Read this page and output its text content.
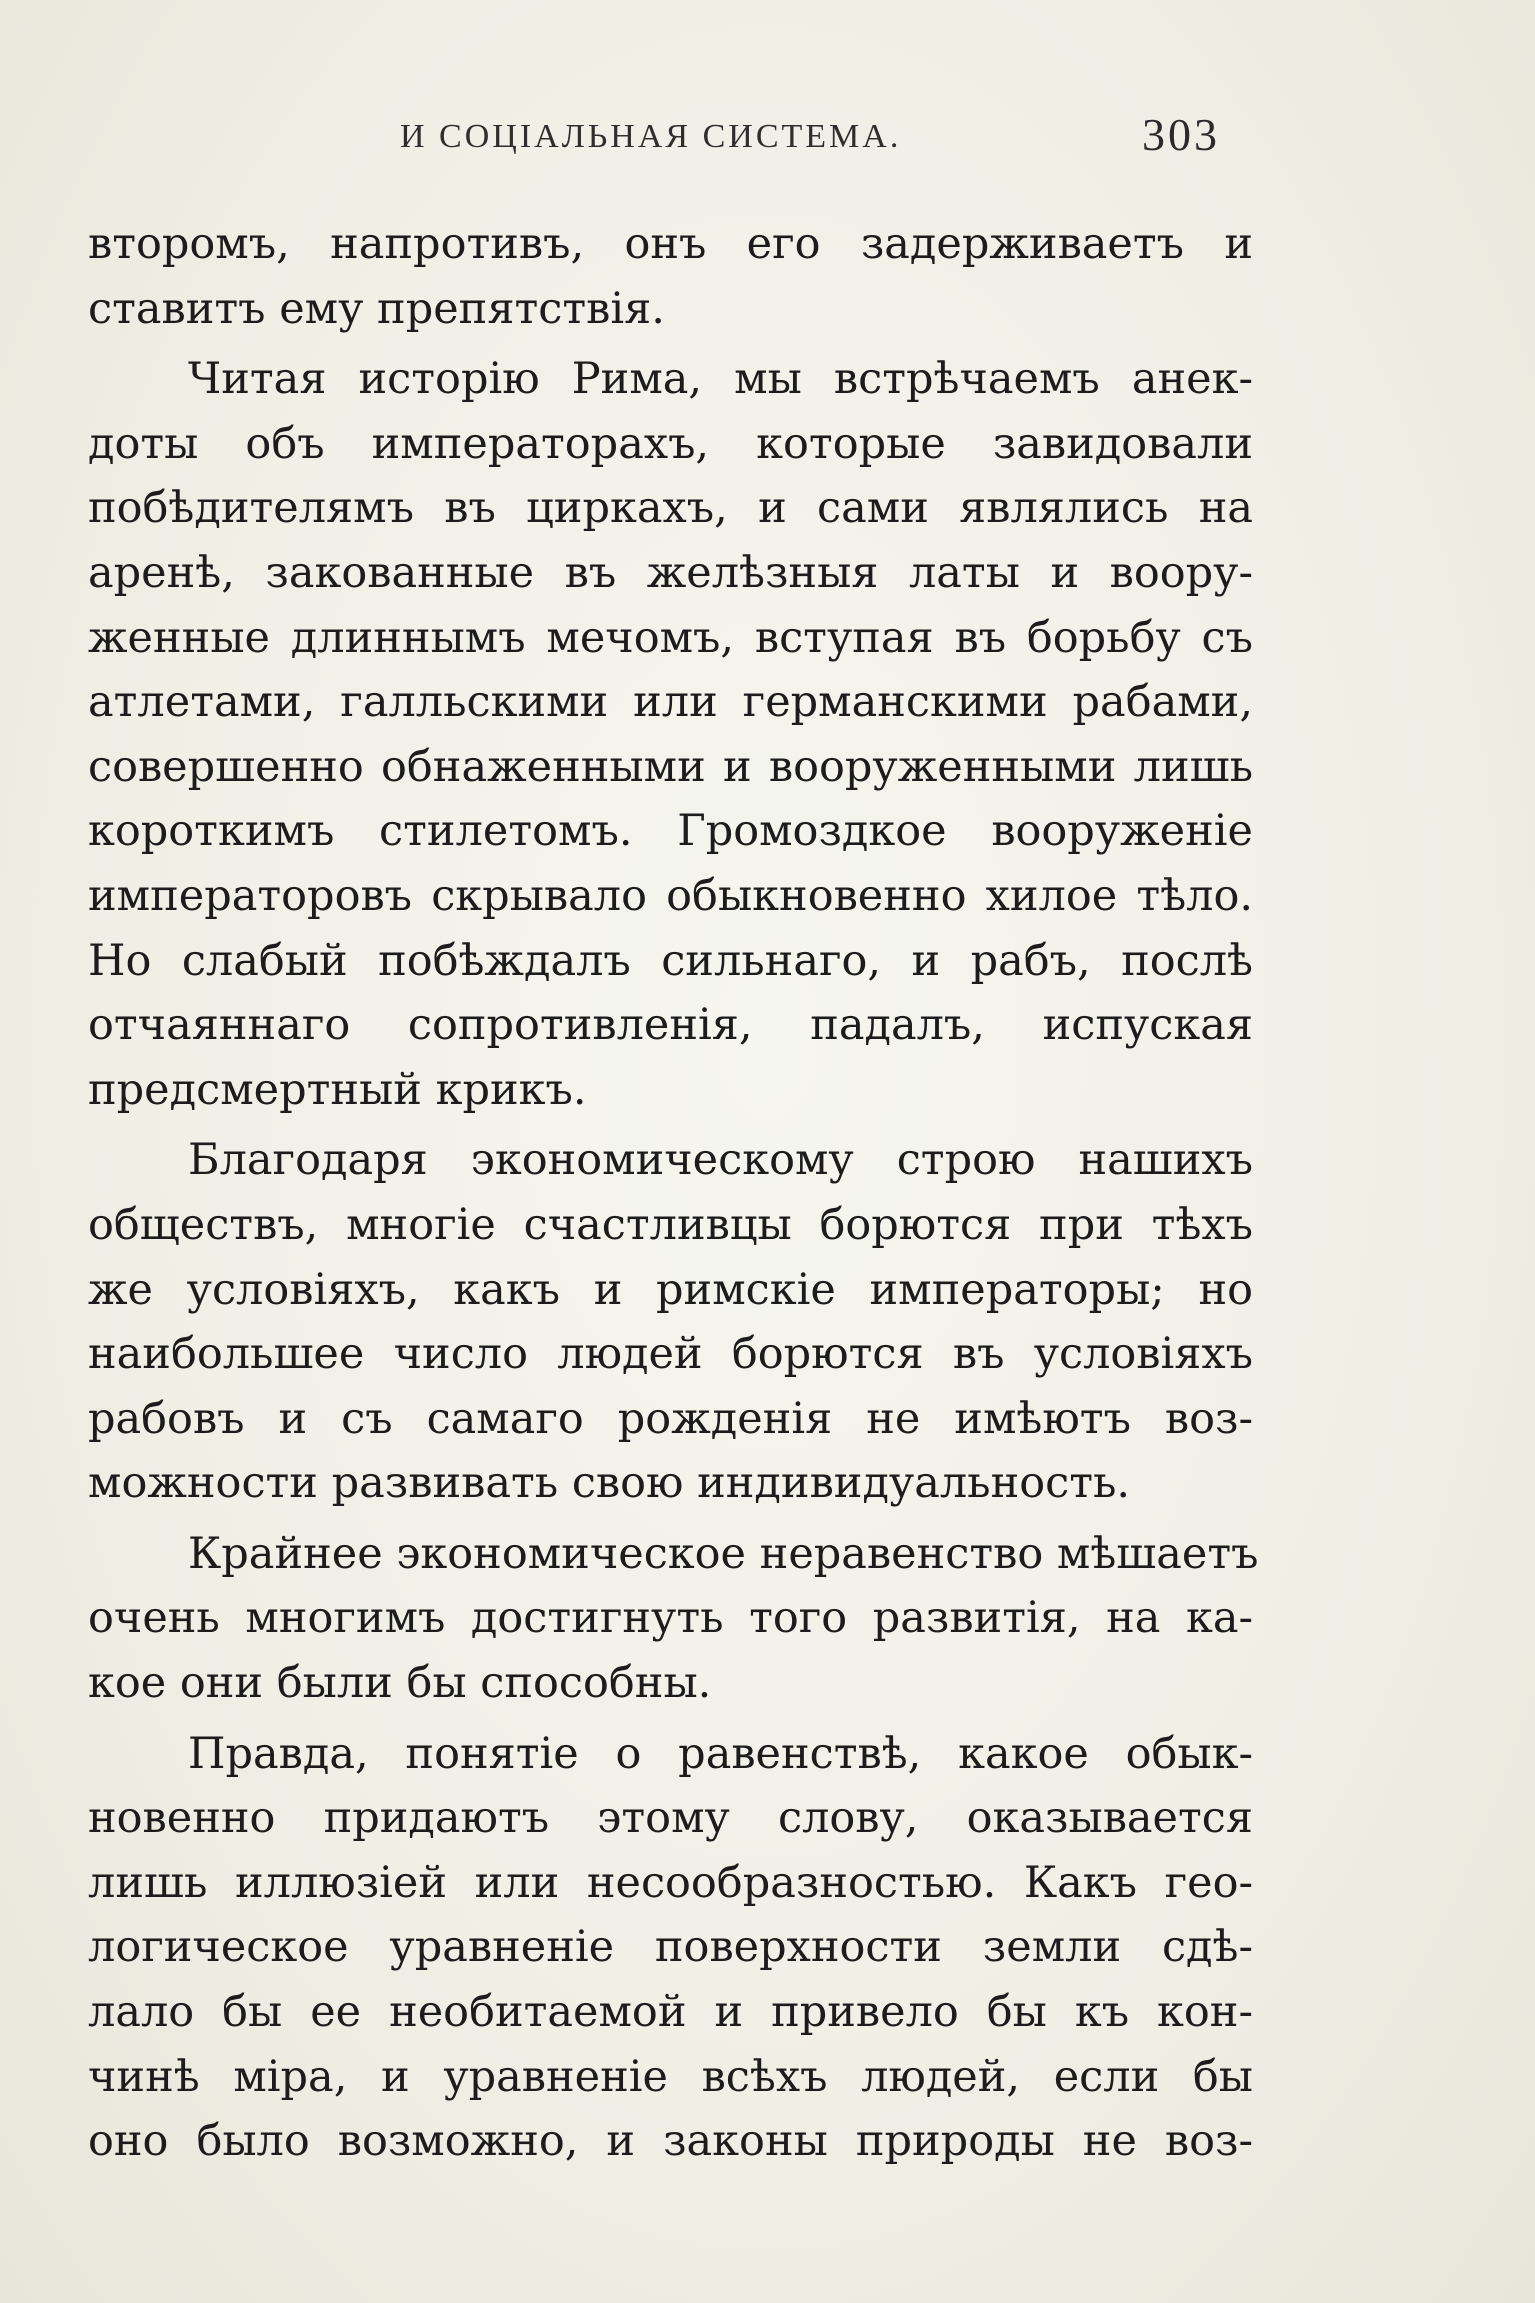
И СОЦІАЛЬНАЯ СИСТЕМА.	303

второмъ, напротивъ, онъ его задерживаетъ и
ставитъ ему препятствія.

Читая исторію Рима, мы встрѣчаемъ анек-
доты объ императорахъ, которые завидовали
побѣдителямъ въ циркахъ, и сами являлись на
аренѣ, закованные въ желѣзныя латы и воору-
женные длиннымъ мечомъ, вступая въ борьбу съ
атлетами, галльскими или германскими рабами,
совершенно обнаженными и вооруженными лишь
короткимъ стилетомъ. Громоздкое вооруженіе
императоровъ скрывало обыкновенно хилое тѣло.
Но слабый побѣждалъ сильнаго, и рабъ, послѣ
отчаяннаго сопротивленія, падалъ, испуская
предсмертный крикъ.

Благодаря экономическому строю нашихъ
обществъ, многіе счастливцы борются при тѣхъ
же условіяхъ, какъ и римскіе императоры; но
наибольшее число людей борются въ условіяхъ
рабовъ и съ самаго рожденія не имѣютъ воз-
можности развивать свою индивидуальность.

Крайнее экономическое неравенство мѣшаетъ
очень многимъ достигнуть того развитія, на ка-
кое они были бы способны.

Правда, понятіе о равенствѣ, какое обык-
новенно придаютъ этому слову, оказывается
лишь иллюзіей или несообразностью. Какъ гео-
логическое уравненіе поверхности земли сдѣ-
лало бы ее необитаемой и привело бы къ кон-
чинѣ міра, и уравненіе всѣхъ людей, если бы
оно было возможно, и законы природы не воз-
